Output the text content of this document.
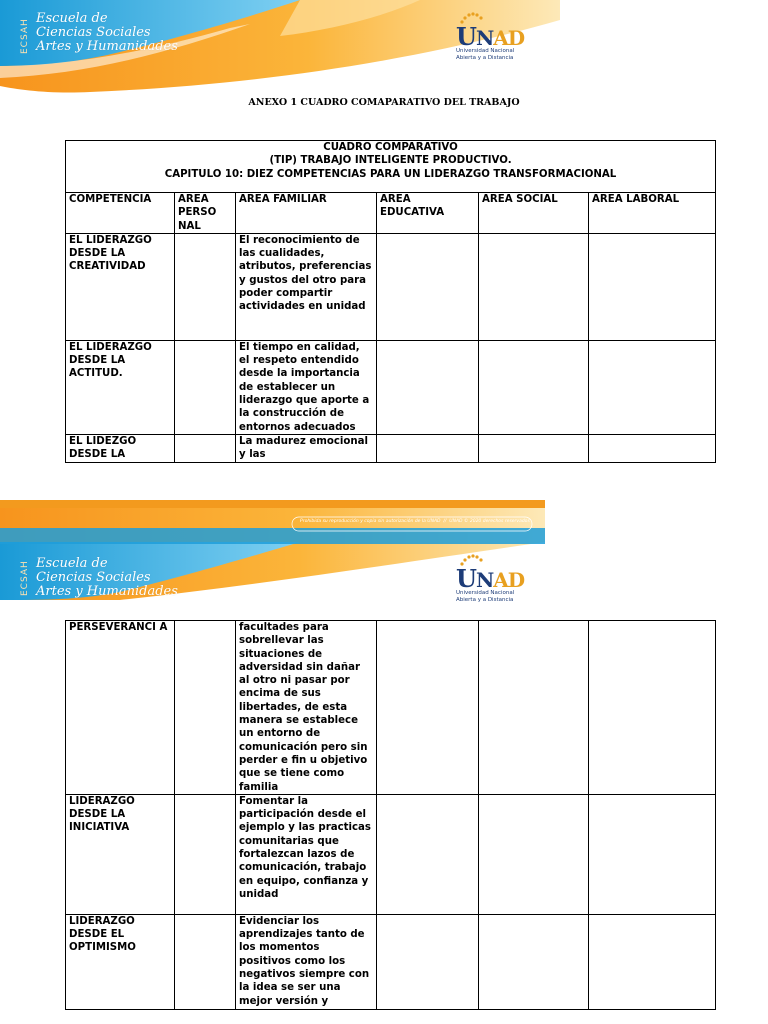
ECSAH Escuela de
Ciencias Sociales
Artes y Humanidades	UNAD
Universidad Nacional
Abierta y a Distancia
ANEXO 1 CUADRO COMAPARATIVO DEL TRABAJO
CUADRO COMPARATIVO
(TIP) TRABAJO INTELIGENTE PRODUCTIVO.
CAPITULO 10: DIEZ COMPETENCIAS PARA UN LIDERAZGO TRANSFORMACIONAL					

COMPETENCIA	AREA PERSO NAL	AREA FAMILIAR	AREA EDUCATIVA	AREA SOCIAL	AREA LABORAL
EL LIDERAZGO DESDE LA CREATIVIDAD		El reconocimiento de las cualidades, atributos, preferencias y gustos del otro para poder compartir actividades en unidad			
EL LIDERAZGO DESDE LA ACTITUD.		El tiempo en calidad, el respeto entendido desde la importancia de establecer un liderazgo que aporte a la construcción de entornos adecuados			
EL LIDEZGO DESDE LA		La madurez emocional y las			
Prohibida su reproducción y copia sin autorización de la UNAD  //  UNAD © 2020 derechos reservados
ECSAH Escuela de
Ciencias Sociales
Artes y Humanidades	UNAD
Universidad Nacional
Abierta y a Distancia
PERSEVERANCI A		facultades para sobrellevar las situaciones de adversidad sin dañar al otro ni pasar por encima de sus libertades, de esta manera se establece un entorno de comunicación pero sin perder e fin u objetivo que se tiene como familia			
LIDERAZGO DESDE LA INICIATIVA		Fomentar la participación desde el ejemplo y las practicas comunitarias que fortalezcan lazos de comunicación, trabajo en equipo, confianza y unidad			
LIDERAZGO DESDE EL OPTIMISMO		Evidenciar los aprendizajes tanto de los momentos positivos como los negativos siempre con la idea se ser una mejor versión y			
